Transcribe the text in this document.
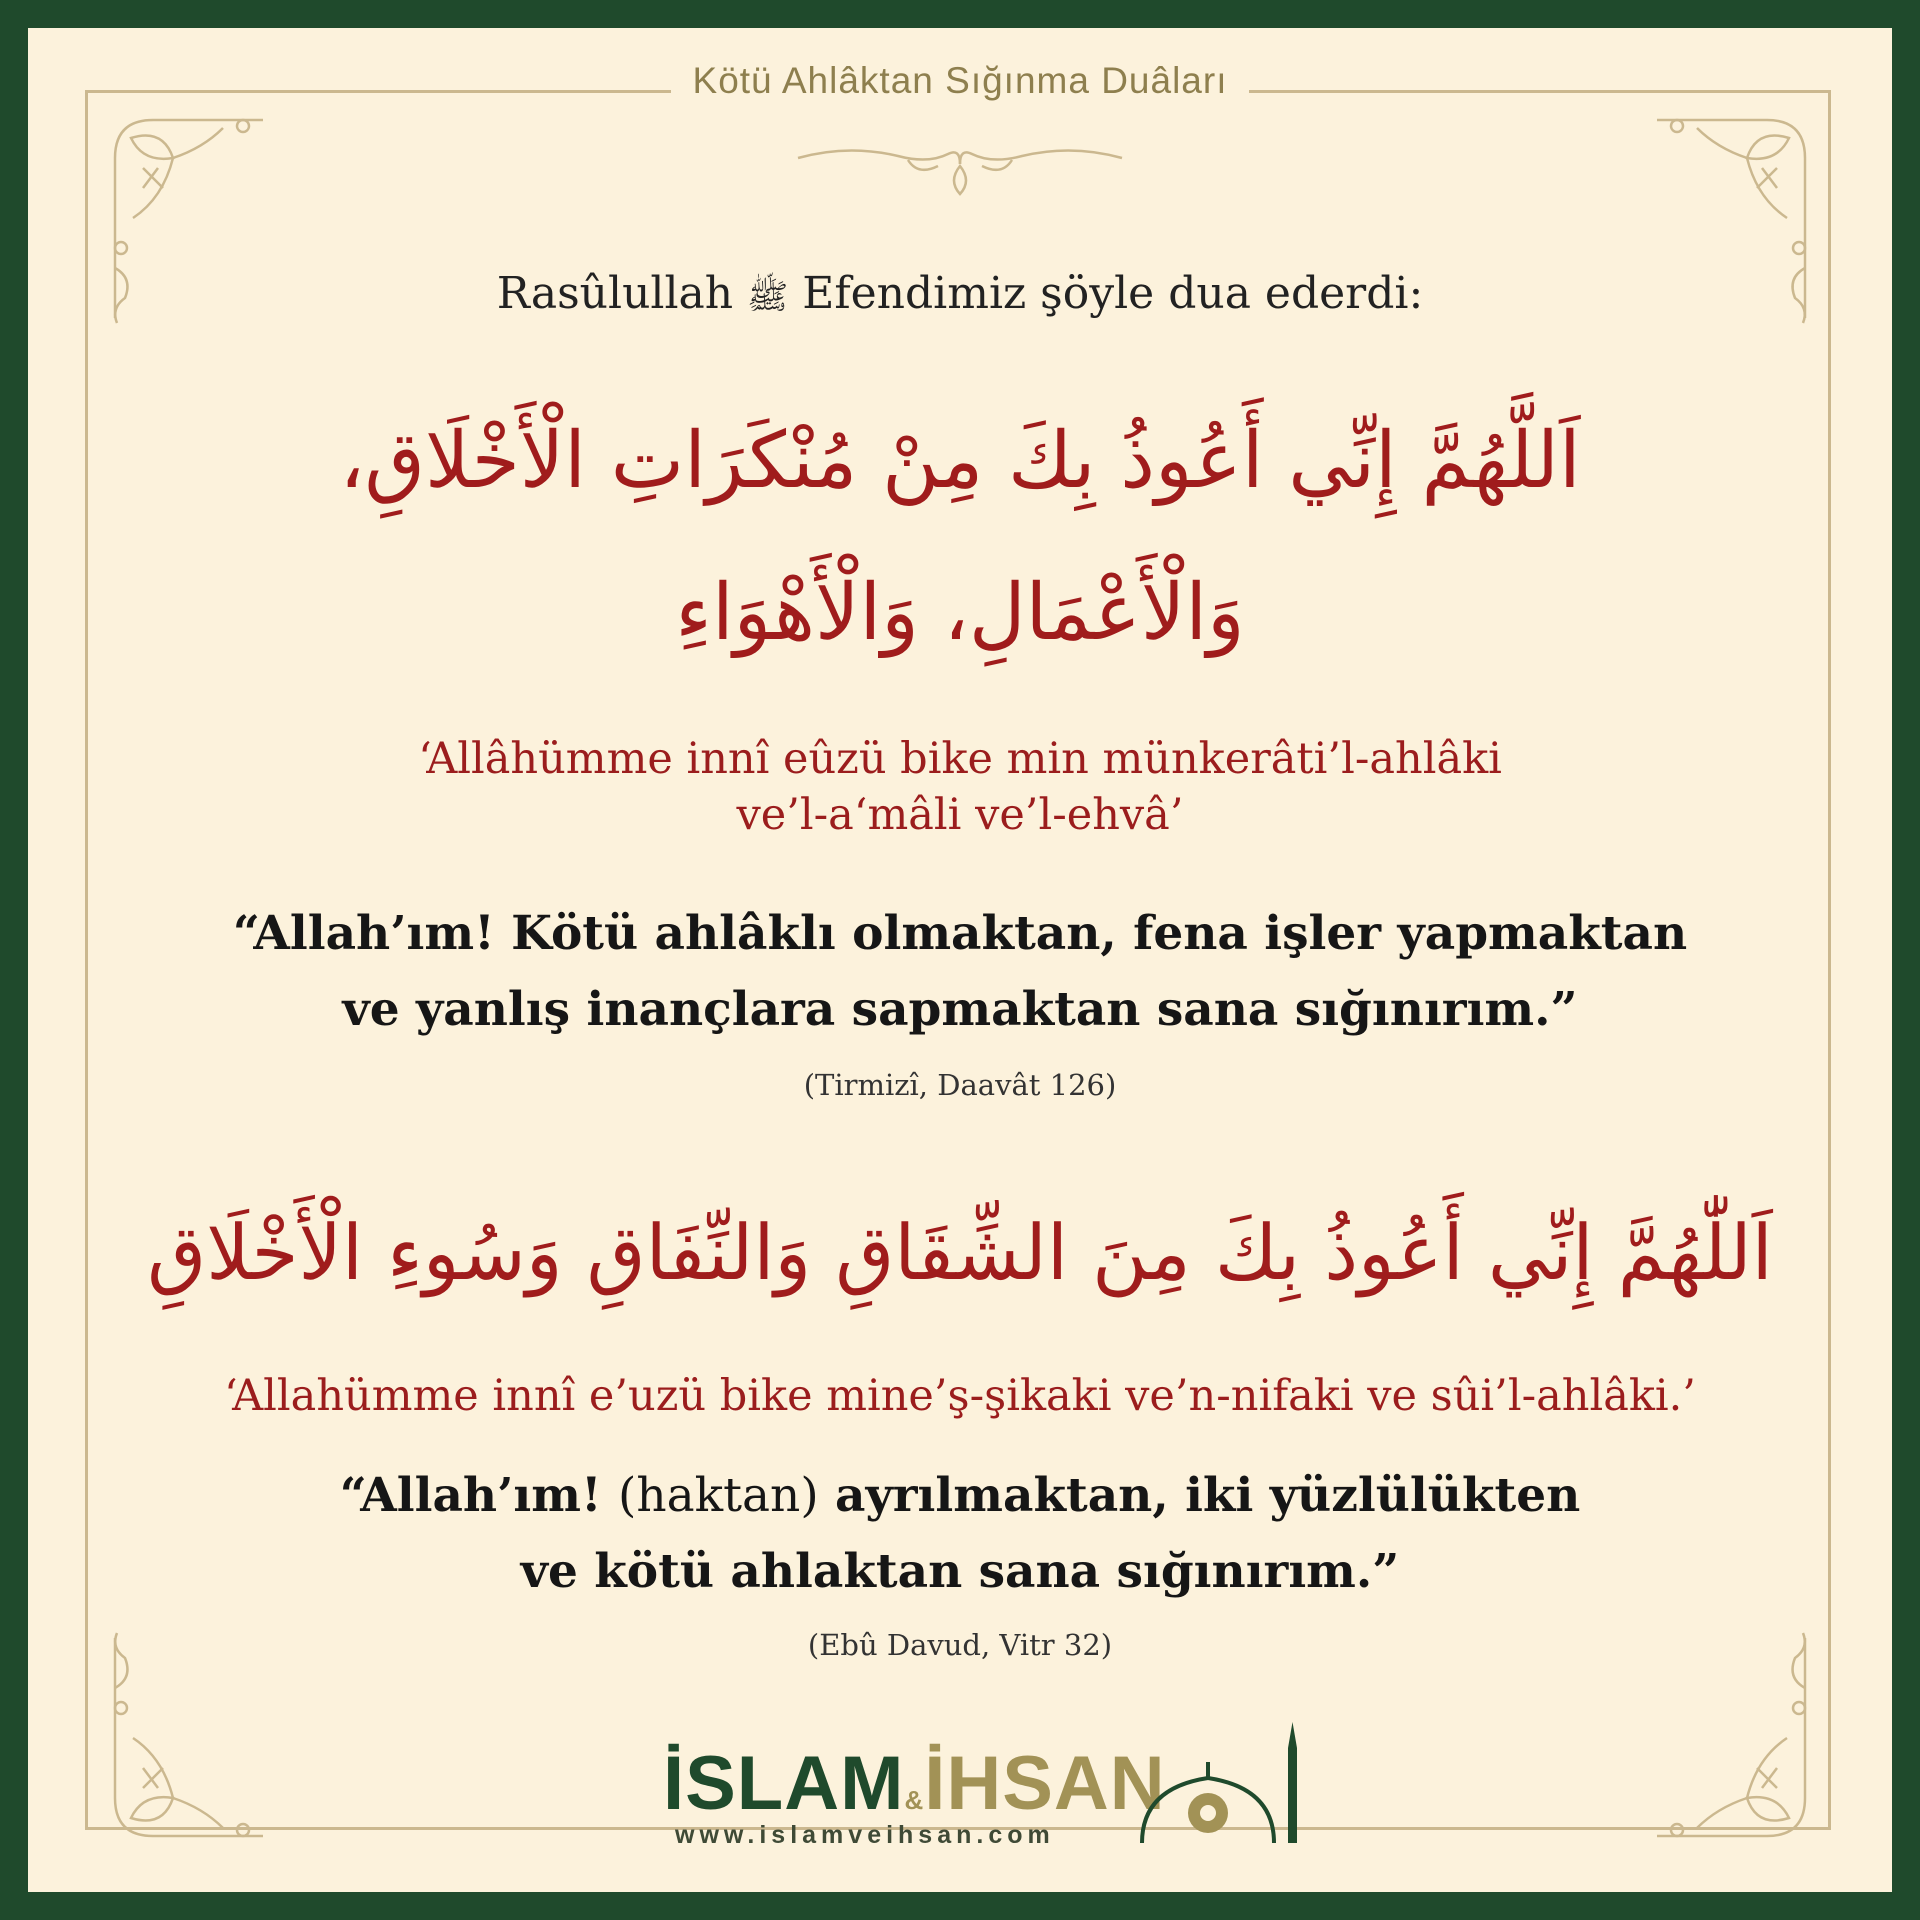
Kötü Ahlâktan Sığınma Duâları
Rasûlullah ﷺ Efendimiz şöyle dua ederdi:
اَللَّهُمَّ إِنِّي أَعُوذُ بِكَ مِنْ مُنْكَرَاتِ الْأَخْلَاقِ،
وَالْأَعْمَالِ، وَالْأَهْوَاءِ
‘Allâhümme innî eûzü bike min münkerâti’l-ahlâki
ve’l-a‘mâli ve’l-ehvâ’
“Allah’ım! Kötü ahlâklı olmaktan, fena işler yapmaktan
ve yanlış inançlara sapmaktan sana sığınırım.”
(Tirmizî, Daavât 126)
اَللّٰهُمَّ إِنِّي أَعُوذُ بِكَ مِنَ الشِّقَاقِ وَالنِّفَاقِ وَسُوءِ الْأَخْلَاقِ
‘Allahümme innî e’uzü bike mine’ş-şikaki ve’n-nifaki ve sûi’l-ahlâki.’
“Allah’ım! (haktan) ayrılmaktan, iki yüzlülükten
ve kötü ahlaktan sana sığınırım.”
(Ebû Davud, Vitr 32)
İSLAM&İHSAN
www.islamveihsan.com
